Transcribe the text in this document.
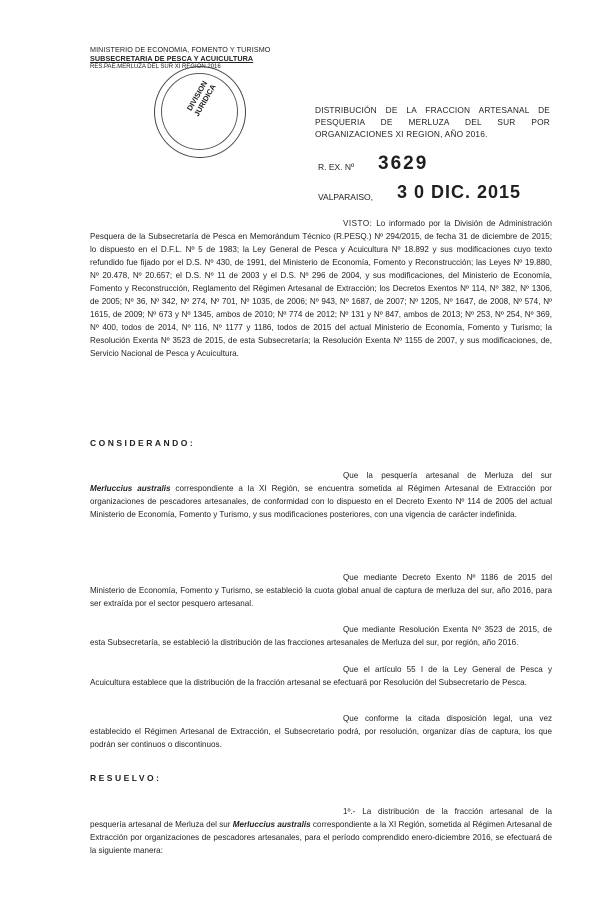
MINISTERIO DE ECONOMIA, FOMENTO Y TURISMO
SUBSECRETARIA DE PESCA Y ACUICULTURA
RES.PAE.MERLUZA DEL SUR XI REGION 2016
DIVISION JURIDICA	DISTRIBUCIÓN DE LA FRACCION ARTESANAL DE PESQUERIA DE MERLUZA DEL SUR POR ORGANIZACIONES XI REGION, AÑO 2016.
R. EX. Nº 3629
VALPARAISO, 3 0 DIC. 2015
VISTO: Lo informado por la División de Administración Pesquera de la Subsecretaría de Pesca en Memorándum Técnico (R.PESQ.) Nº 294/2015, de fecha 31 de diciembre de 2015; lo dispuesto en el D.F.L. Nº 5 de 1983; la Ley General de Pesca y Acuicultura Nº 18.892 y sus modificaciones cuyo texto refundido fue fijado por el D.S. Nº 430, de 1991, del Ministerio de Economía, Fomento y Reconstrucción; las Leyes Nº 19.880, Nº 20.478, Nº 20.657; el D.S. Nº 11 de 2003 y el D.S. Nº 296 de 2004, y sus modificaciones, del Ministerio de Economía, Fomento y Reconstrucción, Reglamento del Régimen Artesanal de Extracción; los Decretos Exentos Nº 114, Nº 382, Nº 1306, de 2005; Nº 36, Nº 342, Nº 274, Nº 701, Nº 1035, de 2006; Nº 943, Nº 1687, de 2007; Nº 1205, Nº 1647, de 2008, Nº 574, Nº 1615, de 2009; Nº 673 y Nº 1345, ambos de 2010; Nº 774 de 2012; Nº 131 y Nº 847, ambos de 2013; Nº 253, Nº 254, Nº 369, Nº 400, todos de 2014, Nº 116, Nº 1177 y 1186, todos de 2015 del actual Ministerio de Economía, Fomento y Turismo; la Resolución Exenta Nº 3523 de 2015, de esta Subsecretaría; la Resolución Exenta Nº 1155 de 2007, y sus modificaciones, de, Servicio Nacional de Pesca y Acuicultura.
CONSIDERANDO:
Que la pesquería artesanal de Merluza del sur Merluccius australis correspondiente a la XI Región, se encuentra sometida al Régimen Artesanal de Extracción por organizaciones de pescadores artesanales, de conformidad con lo dispuesto en el Decreto Exento Nº 114 de 2005 del actual Ministerio de Economía, Fomento y Turismo, y sus modificaciones posteriores, con una vigencia de carácter indefinida.
Que mediante Decreto Exento Nº 1186 de 2015 del Ministerio de Economía, Fomento y Turismo, se estableció la cuota global anual de captura de merluza del sur, año 2016, para ser extraída por el sector pesquero artesanal.
Que mediante Resolución Exenta Nº 3523 de 2015, de esta Subsecretaría, se estableció la distribución de las fracciones artesanales de Merluza del sur, por región, año 2016.
Que el artículo 55 I de la Ley General de Pesca y Acuicultura establece que la distribución de la fracción artesanal se efectuará por Resolución del Subsecretario de Pesca.
Que conforme la citada disposición legal, una vez establecido el Régimen Artesanal de Extracción, el Subsecretario podrá, por resolución, organizar días de captura, los que podrán ser continuos o discontinuos.
RESUELVO:
1º.- La distribución de la fracción artesanal de la pesquería artesanal de Merluza del sur Merluccius australis correspondiente a la XI Región, sometida al Régimen Artesanal de Extracción por organizaciones de pescadores artesanales, para el período comprendido enero-diciembre 2016, se efectuará de la siguiente manera:
